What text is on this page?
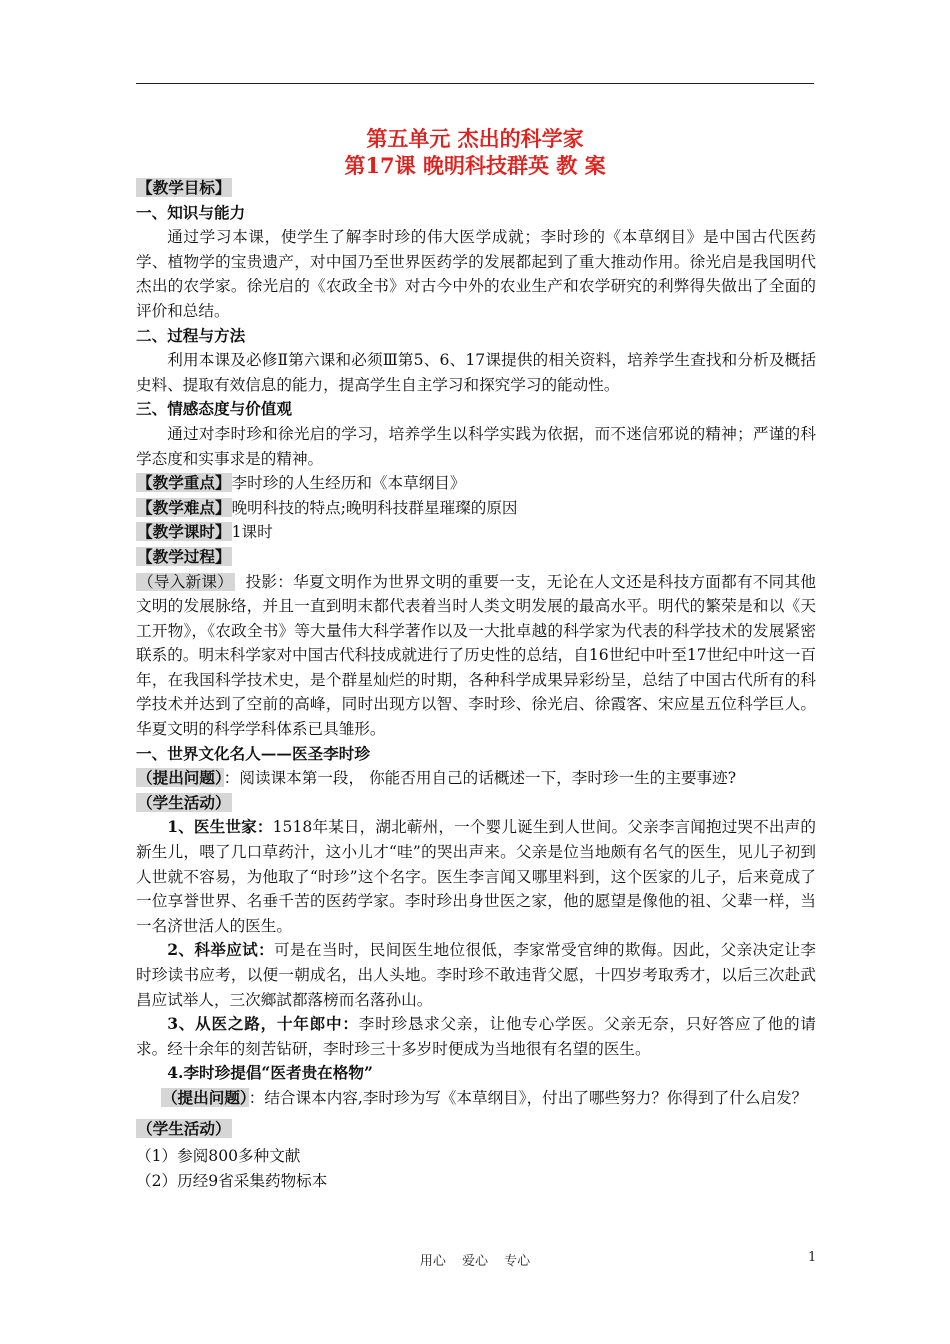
第五单元 杰出的科学家
第17课 晚明科技群英 教 案

【教学目标】

一、知识与能力

通过学习本课，使学生了解李时珍的伟大医学成就；李时珍的《本草纲目》是中国古代医药学、植物学的宝贵遗产，对中国乃至世界医药学的发展都起到了重大推动作用。徐光启是我国明代杰出的农学家。徐光启的《农政全书》对古今中外的农业生产和农学研究的利弊得失做出了全面的评价和总结。

二、过程与方法

利用本课及必修Ⅱ第六课和必须Ⅲ第5、6、17课提供的相关资料，培养学生查找和分析及概括史料、提取有效信息的能力，提高学生自主学习和探究学习的能动性。

三、情感态度与价值观

通过对李时珍和徐光启的学习，培养学生以科学实践为依据，而不迷信邪说的精神；严谨的科学态度和实事求是的精神。

【教学重点】李时珍的人生经历和《本草纲目》

【教学难点】晚明科技的特点;晚明科技群星璀璨的原因

【教学课时】1课时

【教学过程】

（导入新课） 投影：华夏文明作为世界文明的重要一支，无论在人文还是科技方面都有不同其他文明的发展脉络，并且一直到明末都代表着当时人类文明发展的最高水平。明代的繁荣是和以《天工开物》，《农政全书》等大量伟大科学著作以及一大批卓越的科学家为代表的科学技术的发展紧密联系的。明末科学家对中国古代科技成就进行了历史性的总结，自16世纪中叶至17世纪中叶这一百年，在我国科学技术史，是个群星灿烂的时期，各种科学成果异彩纷呈，总结了中国古代所有的科学技术并达到了空前的高峰，同时出现方以智、李时珍、徐光启、徐霞客、宋应星五位科学巨人。华夏文明的科学学科体系已具雏形。

一、世界文化名人——医圣李时珍

（提出问题）：阅读课本第一段， 你能否用自己的话概述一下，李时珍一生的主要事迹?

（学生活动）

1、医生世家：1518年某日，湖北蕲州，一个婴儿诞生到人世间。父亲李言闻抱过哭不出声的新生儿，喂了几口草药汁，这小儿才“哇”的哭出声来。父亲是位当地颇有名气的医生，见儿子初到人世就不容易，为他取了“时珍”这个名字。医生李言闻又哪里料到，这个医家的儿子，后来竟成了一位享誉世界、名垂千苦的医药学家。李时珍出身世医之家，他的愿望是像他的祖、父辈一样，当一名济世活人的医生。

2、科举应试：可是在当时，民间医生地位很低，李家常受官绅的欺侮。因此，父亲决定让李时珍读书应考，以便一朝成名，出人头地。李时珍不敢违背父愿，十四岁考取秀才，以后三次赴武昌应试举人，三次鄉試都落榜而名落孙山。

3、从医之路，十年郎中：李时珍恳求父亲，让他专心学医。父亲无奈，只好答应了他的请求。经十余年的刻苦钻研，李时珍三十多岁时便成为当地很有名望的医生。

4.李时珍提倡“医者贵在格物”

（提出问题）：结合课本内容,李时珍为写《本草纲目》，付出了哪些努力？你得到了什么启发？

（学生活动）

（1）参阅800多种文献

（2）历经9省采集药物标本

用心 爱心 专心	1
